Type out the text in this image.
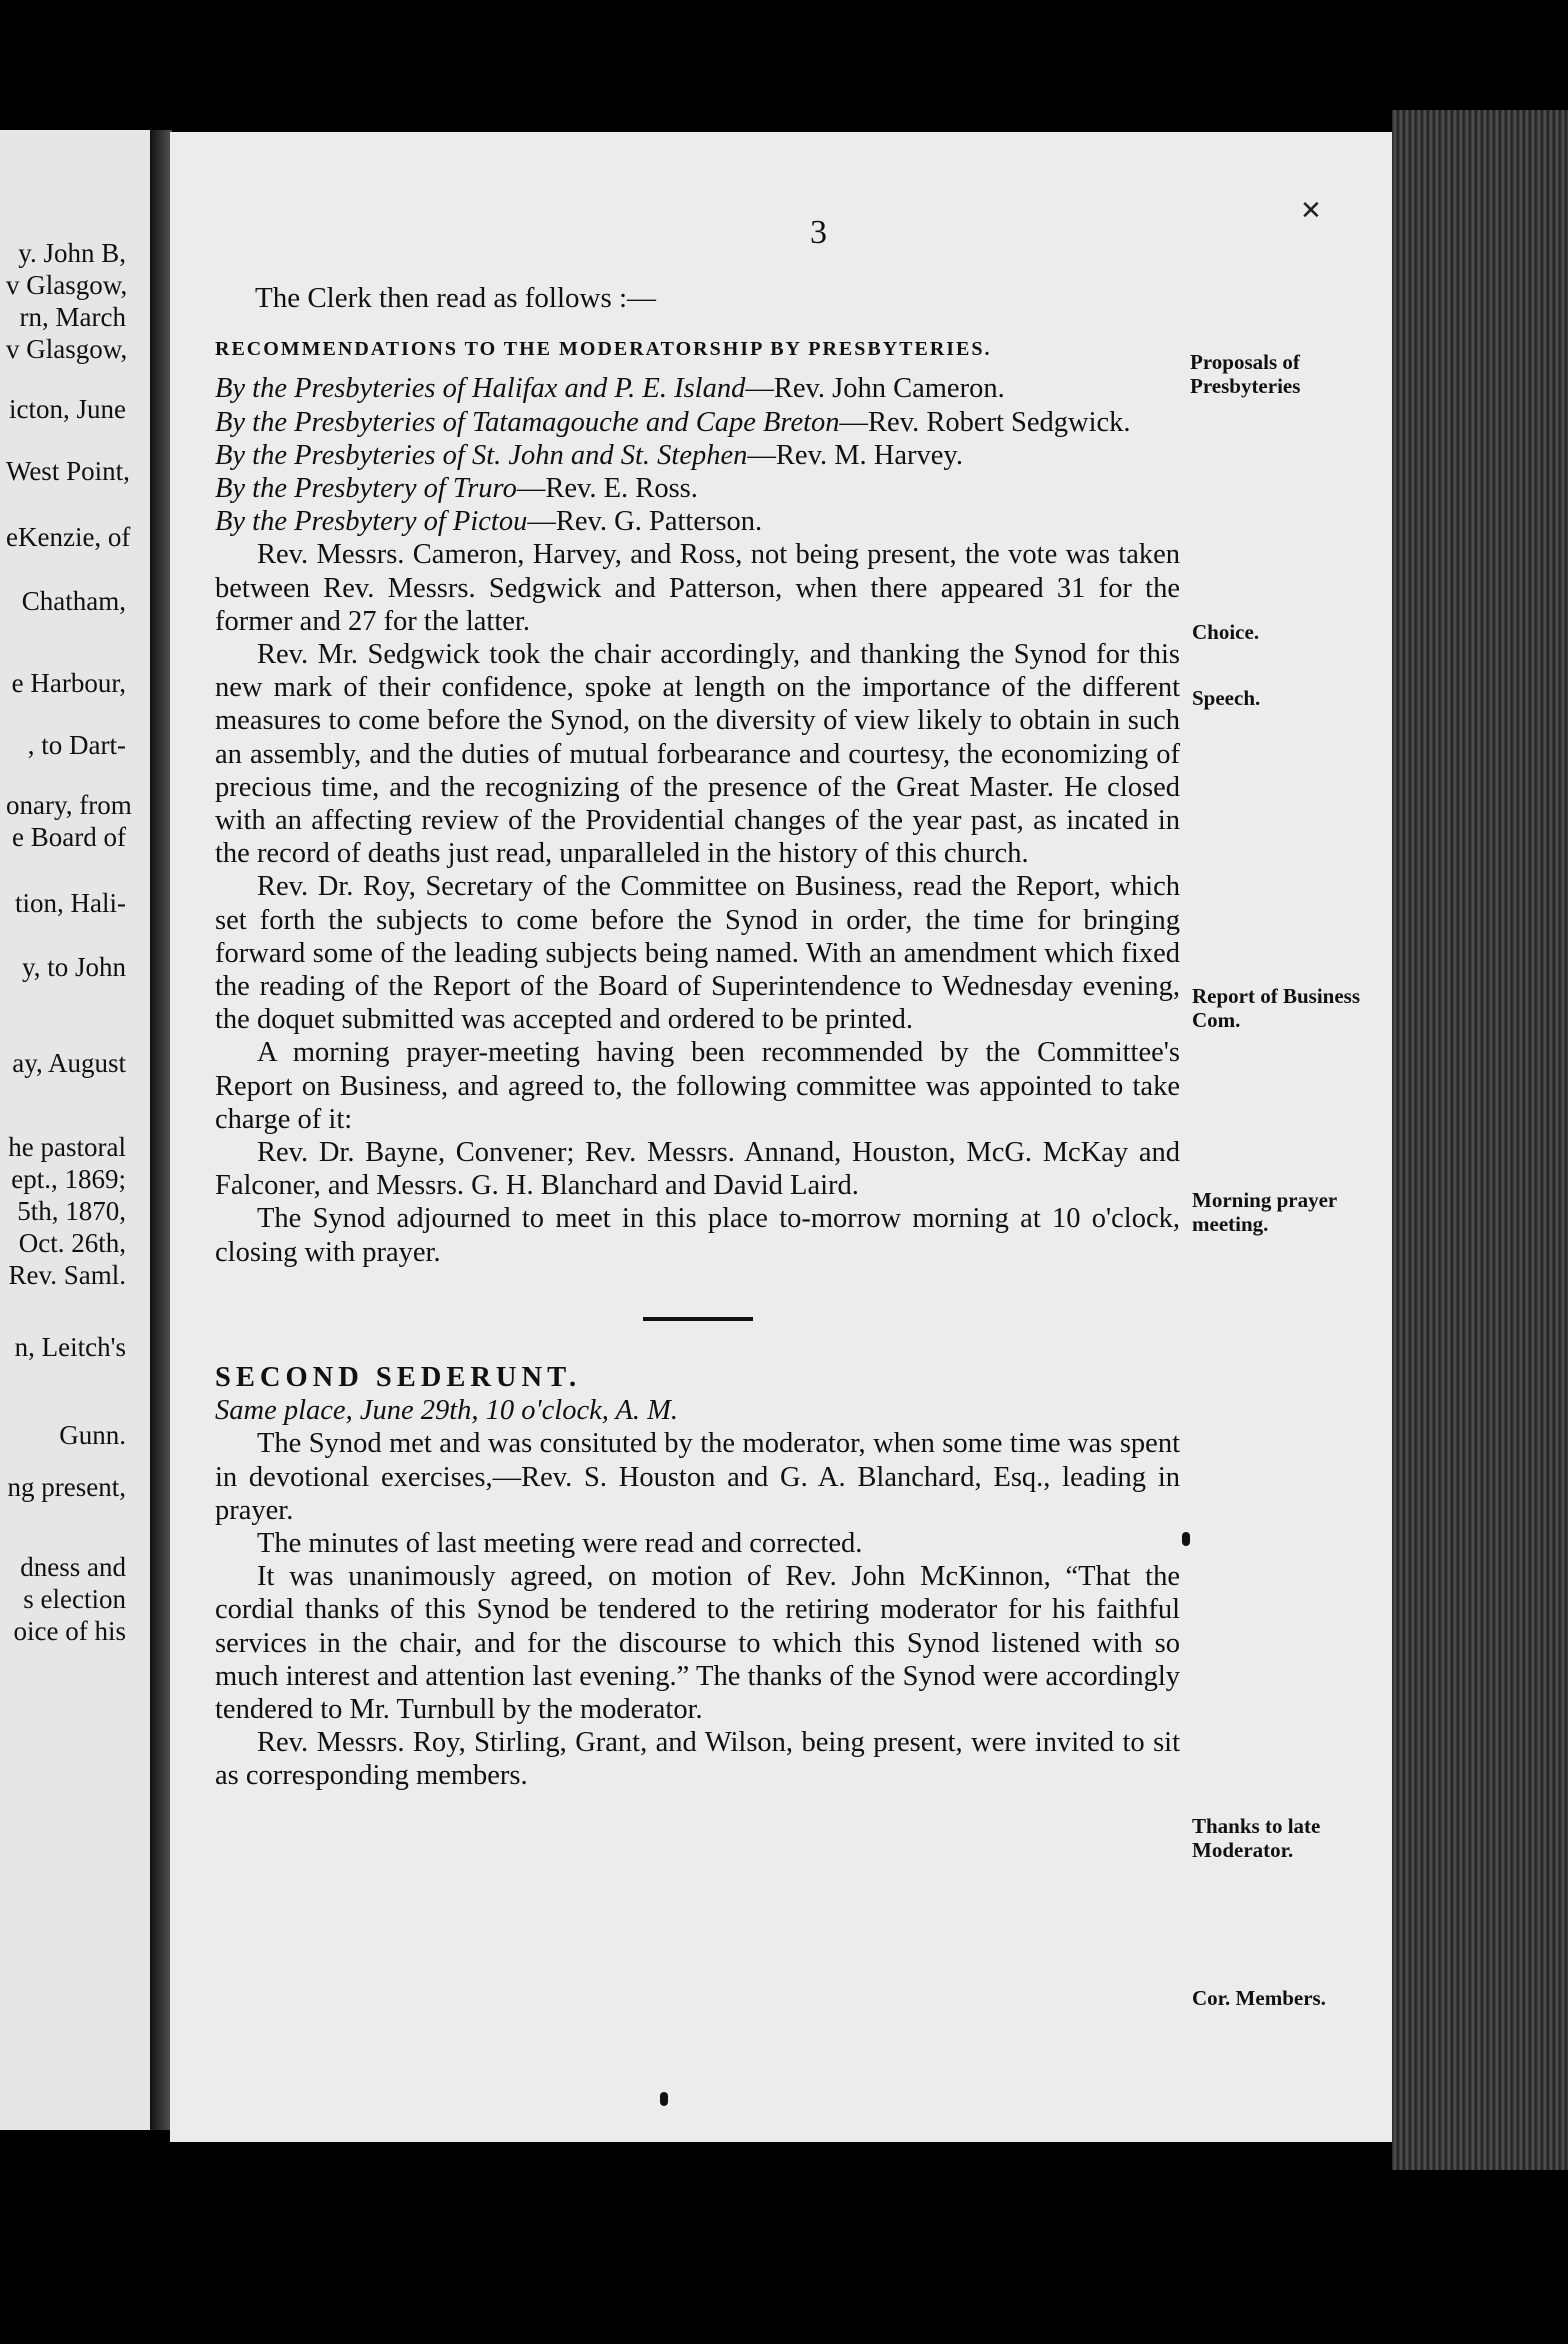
y. John B,
v Glasgow,
rn, March
v Glasgow,
icton, June
West Point,
eKenzie, of
Chatham,
e Harbour,
, to Dart-
onary, from
e Board of
tion, Hali-
y, to John
ay, August
he pastoral
ept., 1869;
5th, 1870,
Oct. 26th,
Rev. Saml.
n, Leitch's
Gunn.
ng present,
dness and
s election
oice of his
✕
3

The Clerk then read as follows :—

RECOMMENDATIONS TO THE MODERATORSHIP BY PRESBYTERIES.

By the Presbyteries of Halifax and P. E. Island—Rev. John Cameron.

By the Presbyteries of Tatamagouche and Cape Breton—Rev. Robert Sedgwick.

By the Presbyteries of St. John and St. Stephen—Rev. M. Harvey.

By the Presbytery of Truro—Rev. E. Ross.

By the Presbytery of Pictou—Rev. G. Patterson.

Rev. Messrs. Cameron, Harvey, and Ross, not being present, the vote was taken between Rev. Messrs. Sedgwick and Patterson, when there appeared 31 for the former and 27 for the latter.

Rev. Mr. Sedgwick took the chair accordingly, and thanking the Synod for this new mark of their confidence, spoke at length on the importance of the different measures to come before the Synod, on the diversity of view likely to obtain in such an assembly, and the duties of mutual forbearance and courtesy, the economizing of precious time, and the recognizing of the presence of the Great Master. He closed with an affecting review of the Providential changes of the year past, as incated in the record of deaths just read, unparalleled in the history of this church.

Rev. Dr. Roy, Secretary of the Committee on Business, read the Report, which set forth the subjects to come before the Synod in order, the time for bringing forward some of the leading subjects being named. With an amendment which fixed the reading of the Report of the Board of Superintendence to Wednesday evening, the doquet submitted was accepted and ordered to be printed.

A morning prayer-meeting having been recommended by the Committee's Report on Business, and agreed to, the following committee was appointed to take charge of it:

Rev. Dr. Bayne, Convener; Rev. Messrs. Annand, Houston, McG. McKay and Falconer, and Messrs. G. H. Blanchard and David Laird.

The Synod adjourned to meet in this place to-morrow morning at 10 o'clock, closing with prayer.

SECOND SEDERUNT.

Same place, June 29th, 10 o'clock, A. M.

The Synod met and was consituted by the moderator, when some time was spent in devotional exercises,—Rev. S. Houston and G. A. Blanchard, Esq., leading in prayer.

The minutes of last meeting were read and corrected.

It was unanimously agreed, on motion of Rev. John McKinnon, “That the cordial thanks of this Synod be tendered to the retiring moderator for his faithful services in the chair, and for the discourse to which this Synod listened with so much interest and attention last evening.” The thanks of the Synod were accordingly tendered to Mr. Turnbull by the moderator.

Rev. Messrs. Roy, Stirling, Grant, and Wilson, being present, were invited to sit as corresponding members.

Proposals of Presbyteries
Choice.
Speech.
Report of Business Com.
Morning prayer meeting.
Thanks to late Moderator.
Cor. Members.
